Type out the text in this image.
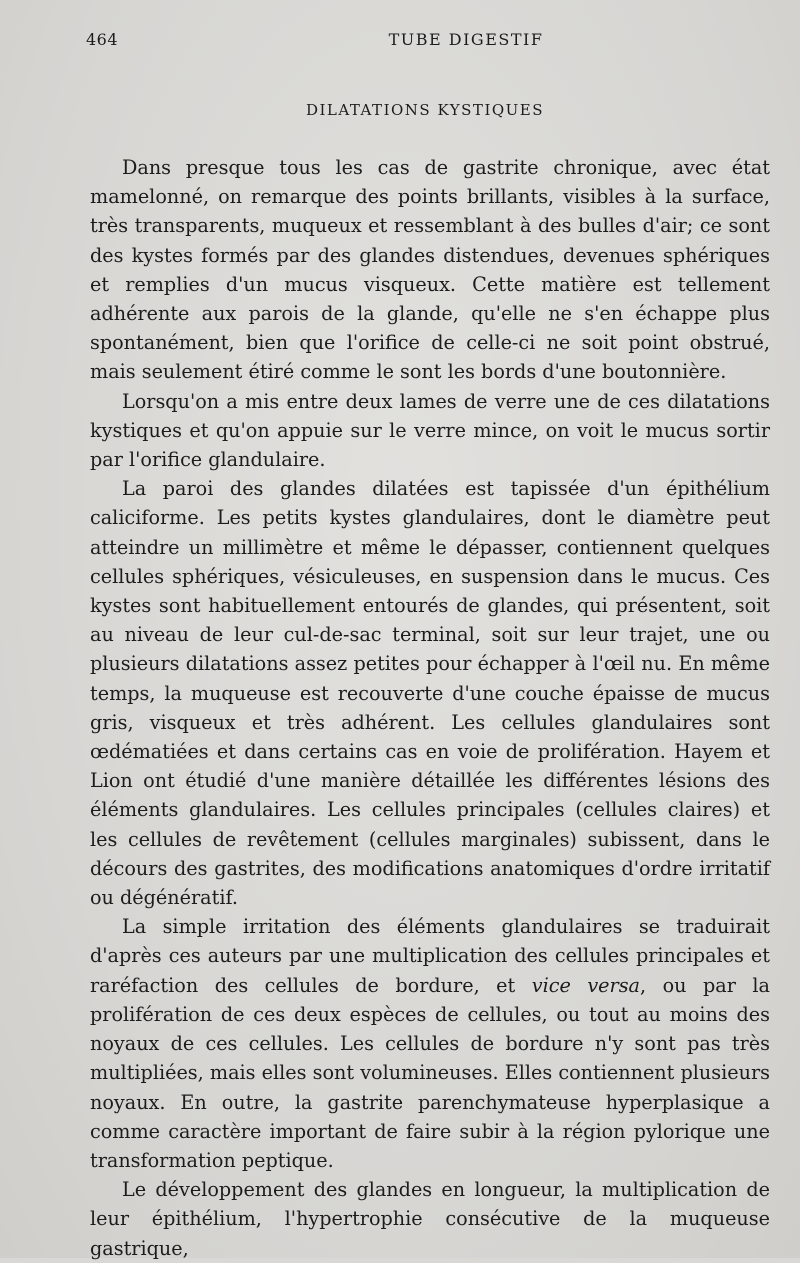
464	TUBE DIGESTIF
DILATATIONS KYSTIQUES

Dans presque tous les cas de gastrite chronique, avec état mamelonné, on remarque des points brillants, visibles à la surface, très transparents, muqueux et ressemblant à des bulles d'air; ce sont des kystes formés par des glandes distendues, devenues sphériques et remplies d'un mucus visqueux. Cette matière est tellement adhérente aux parois de la glande, qu'elle ne s'en échappe plus spontanément, bien que l'orifice de celle-ci ne soit point obstrué, mais seulement étiré comme le sont les bords d'une boutonnière.

Lorsqu'on a mis entre deux lames de verre une de ces dilatations kystiques et qu'on appuie sur le verre mince, on voit le mucus sortir par l'orifice glandulaire.

La paroi des glandes dilatées est tapissée d'un épithélium caliciforme. Les petits kystes glandulaires, dont le diamètre peut atteindre un millimètre et même le dépasser, contiennent quelques cellules sphériques, vésiculeuses, en suspension dans le mucus. Ces kystes sont habituellement entourés de glandes, qui présentent, soit au niveau de leur cul-de-sac terminal, soit sur leur trajet, une ou plusieurs dilatations assez petites pour échapper à l'œil nu. En même temps, la muqueuse est recouverte d'une couche épaisse de mucus gris, visqueux et très adhérent. Les cellules glandulaires sont œdématiées et dans certains cas en voie de prolifération. Hayem et Lion ont étudié d'une manière détaillée les différentes lésions des éléments glandulaires. Les cellules principales (cellules claires) et les cellules de revêtement (cellules marginales) subissent, dans le décours des gastrites, des modifications anatomiques d'ordre irritatif ou dégénératif.

La simple irritation des éléments glandulaires se traduirait d'après ces auteurs par une multiplication des cellules principales et raréfaction des cellules de bordure, et vice versa, ou par la prolifération de ces deux espèces de cellules, ou tout au moins des noyaux de ces cellules. Les cellules de bordure n'y sont pas très multipliées, mais elles sont volumineuses. Elles contiennent plusieurs noyaux. En outre, la gastrite parenchymateuse hyperplasique a comme caractère important de faire subir à la région pylorique une transformation peptique.

Le développement des glandes en longueur, la multiplication de leur épithélium, l'hypertrophie consécutive de la muqueuse gastrique,
